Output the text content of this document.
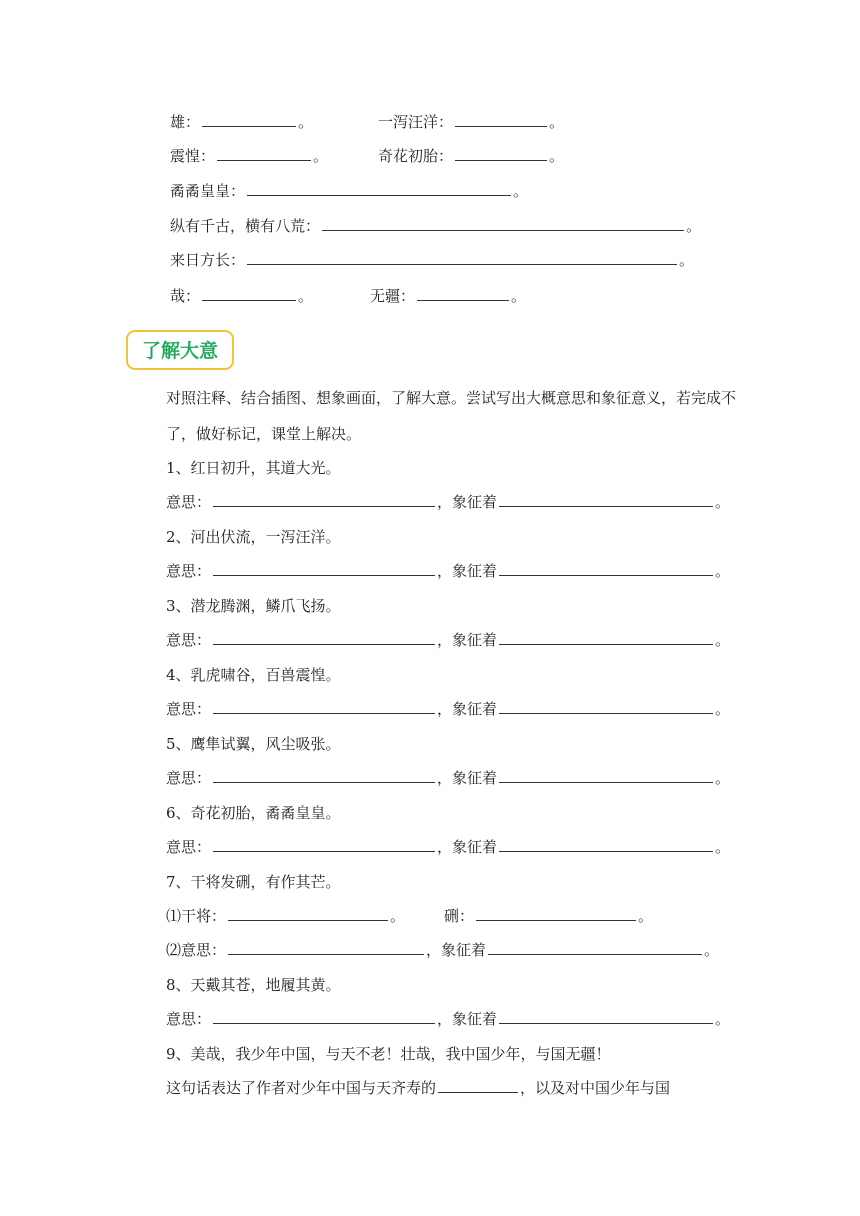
雄：	。	一泻汪洋：	。
震惶：	。	奇花初胎：	。
矞矞皇皇：	。
纵有千古，横有八荒：	。
来日方长：	。
哉：	。	无疆：	。
了解大意
对照注释、结合插图、想象画面，了解大意。尝试写出大概意思和象征意义，若完成不了，做好标记，课堂上解决。
1、红日初升，其道大光。
意思：	，象征着	。
2、河出伏流，一泻汪洋。
意思：	，象征着	。
3、潜龙腾渊，鳞爪飞扬。
意思：	，象征着	。
4、乳虎啸谷，百兽震惶。
意思：	，象征着	。
5、鹰隼试翼，风尘吸张。
意思：	，象征着	。
6、奇花初胎，矞矞皇皇。
意思：	，象征着	。
7、干将发硎，有作其芒。
⑴干将：	。	硎：	。
⑵意思：	，象征着	。
8、天戴其苍，地履其黄。
意思：	，象征着	。
9、美哉，我少年中国，与天不老！壮哉，我中国少年，与国无疆！
这句话表达了作者对少年中国与天齐寿的	，以及对中国少年与国
